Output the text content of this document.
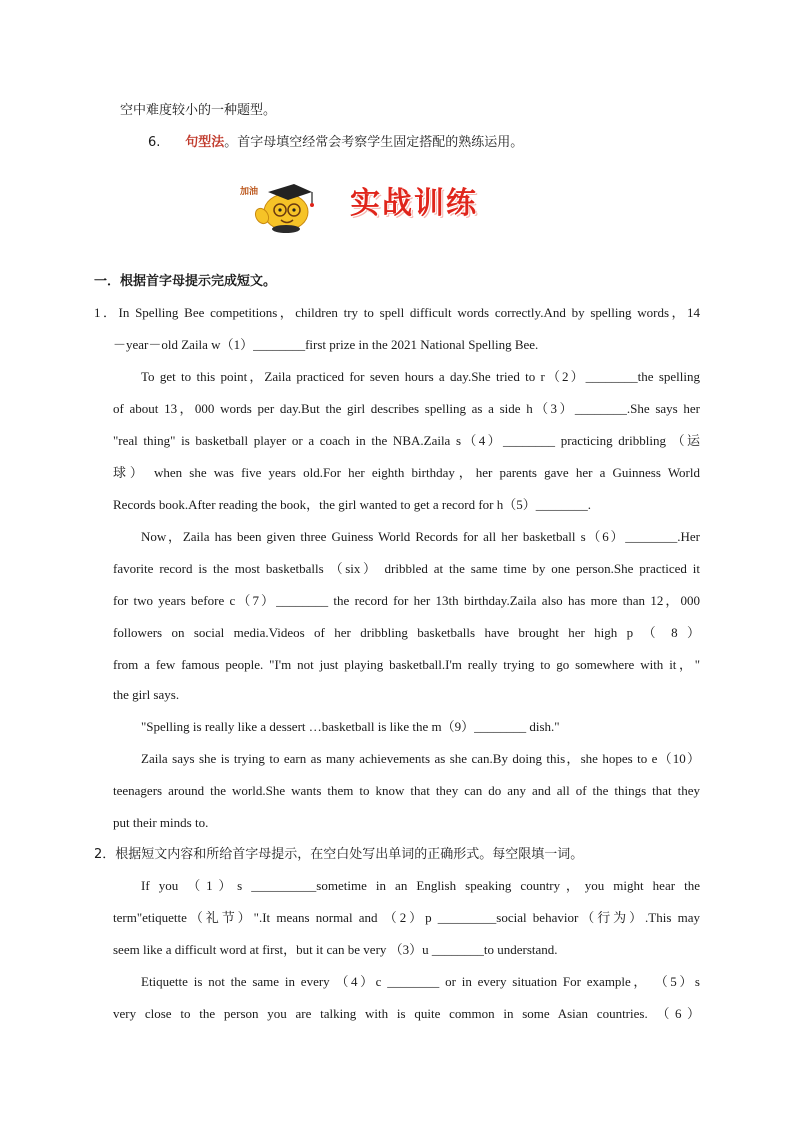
空中难度较小的一种题型。
6. 句型法。首字母填空经常会考察学生固定搭配的熟练运用。
加油	实战训练
一．根据首字母提示完成短文。
1．In Spelling Bee competitions，children try to spell difficult words correctly.And by spelling words，14
－year－old Zaila w（1）________first prize in the 2021 National Spelling Bee.
To get to this point，Zaila practiced for seven hours a day.She tried to r（2）________the spelling
of about 13，000 words per day.But the girl describes spelling as a side h（3）________.She says her
"real thing" is basketball player or a coach in the NBA.Zaila s（4）________ practicing dribbling （运
球） when she was five years old.For her eighth birthday，her parents gave her a Guinness World
Records book.After reading the book，the girl wanted to get a record for h（5）________.
Now，Zaila has been given three Guiness World Records for all her basketball s（6）________.Her
favorite record is the most basketballs （six） dribbled at the same time by one person.She practiced it
for two years before c（7）________ the record for her 13th birthday.Zaila also has more than 12，000
followers on social media.Videos of her dribbling basketballs have brought her high p （ 8 ）
from a few famous people. "I'm not just playing basketball.I'm really trying to go somewhere with it，"
the girl says.
"Spelling is really like a dessert …basketball is like the m（9）________ dish."
Zaila says she is trying to earn as many achievements as she can.By doing this，she hopes to e（10）
teenagers around the world.She wants them to know that they can do any and all of the things that they
put their minds to.
2．根据短文内容和所给首字母提示，在空白处写出单词的正确形式。每空限填一词。
If you （1）s __________sometime in an English speaking country，you might hear the
term"etiquette（礼节）".It means normal and （2）p _________social behavior（行为）.This may
seem like a difficult word at first，but it can be very （3）u ________to understand.
Etiquette is not the same in every （4）c ________ or in every situation For example， （5）s
very close to the person you are talking with is quite common in some Asian countries. （6）
